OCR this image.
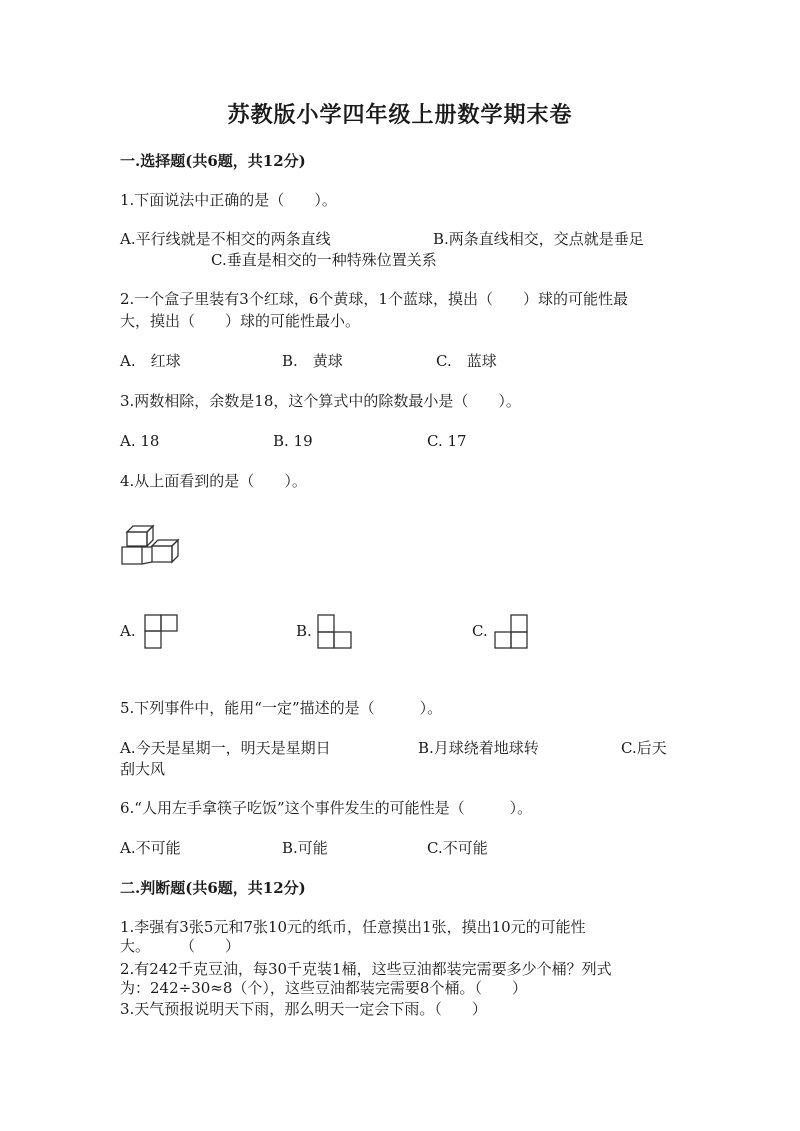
苏教版小学四年级上册数学期末卷
一.选择题(共6题，共12分)
1.下面说法中正确的是（　　）。
A.平行线就是不相交的两条直线	B.两条直线相交，交点就是垂足
C.垂直是相交的一种特殊位置关系
2.一个盒子里装有3个红球，6个黄球，1个蓝球，摸出（　　）球的可能性最
大，摸出（　　）球的可能性最小。
A.　红球	B.　黄球	C.　蓝球
3.两数相除，余数是18，这个算式中的除数最小是（　　）。
A. 18	B. 19	C. 17
4.从上面看到的是（　　）。
A.	B.	C.
5.下列事件中，能用“一定”描述的是（　　　）。
A.今天是星期一，明天是星期日	B.月球绕着地球转	C.后天
刮大风
6.“人用左手拿筷子吃饭”这个事件发生的可能性是（　　　）。
A.不可能	B.可能	C.不可能
二.判断题(共6题，共12分)
1.李强有3张5元和7张10元的纸币，任意摸出1张，摸出10元的可能性
大。　　　（　　）
2.有242千克豆油，每30千克装1桶，这些豆油都装完需要多少个桶？列式
为：242÷30≈8（个），这些豆油都装完需要8个桶。（　　）
3.天气预报说明天下雨，那么明天一定会下雨。（　　）
